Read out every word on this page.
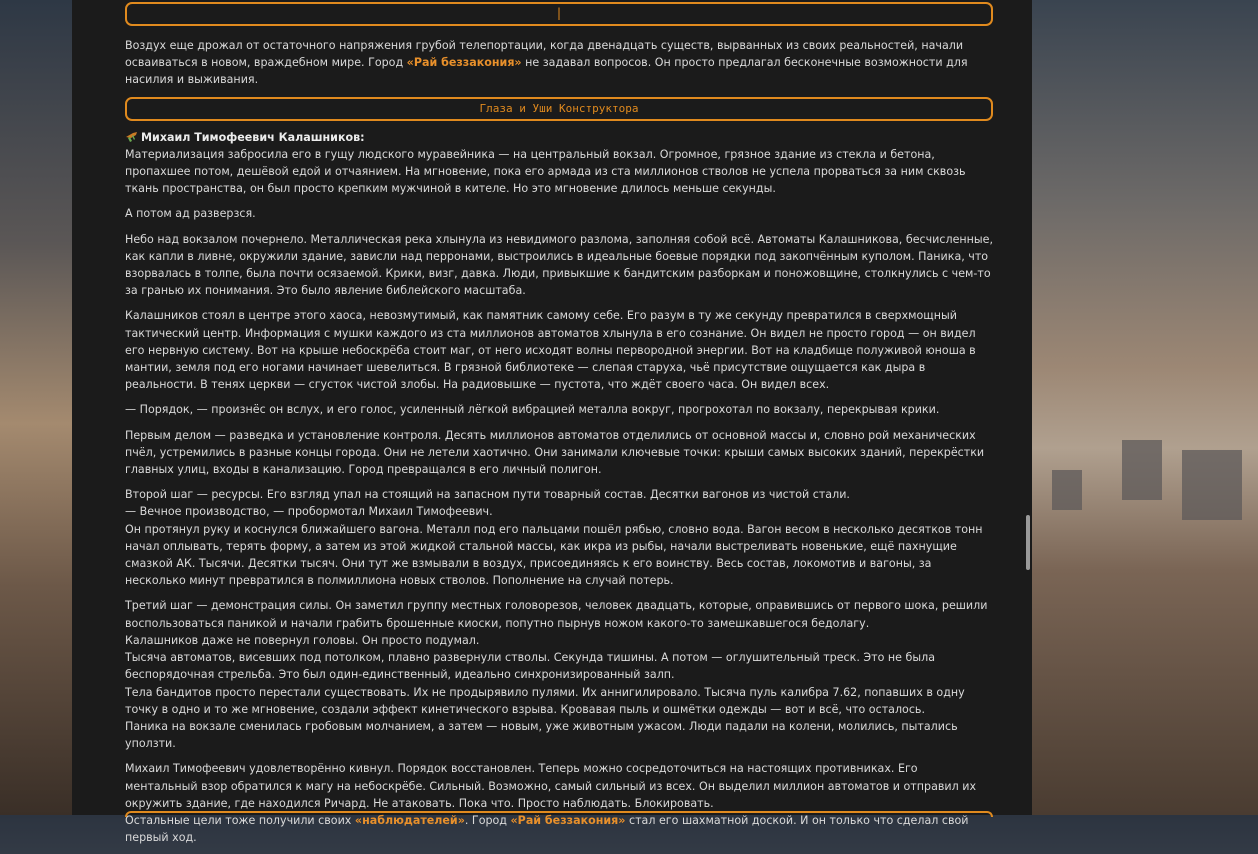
|

Воздух еще дрожал от остаточного напряжения грубой телепортации, когда двенадцать существ, вырванных из своих реальностей, начали осваиваться в новом, враждебном мире. Город «Рай беззакония» не задавал вопросов. Он просто предлагал бесконечные возможности для насилия и выживания.

Глаза и Уши Конструктора
Михаил Тимофеевич Калашников:

Материализация забросила его в гущу людского муравейника — на центральный вокзал. Огромное, грязное здание из стекла и бетона, пропахшее потом, дешёвой едой и отчаянием. На мгновение, пока его армада из ста миллионов стволов не успела прорваться за ним сквозь ткань пространства, он был просто крепким мужчиной в кителе. Но это мгновение длилось меньше секунды.

А потом ад разверзся.

Небо над вокзалом почернело. Металлическая река хлынула из невидимого разлома, заполняя собой всё. Автоматы Калашникова, бесчисленные, как капли в ливне, окружили здание, зависли над перронами, выстроились в идеальные боевые порядки под закопчённым куполом. Паника, что взорвалась в толпе, была почти осязаемой. Крики, визг, давка. Люди, привыкшие к бандитским разборкам и поножовщине, столкнулись с чем-то за гранью их понимания. Это было явление библейского масштаба.

Калашников стоял в центре этого хаоса, невозмутимый, как памятник самому себе. Его разум в ту же секунду превратился в сверхмощный тактический центр. Информация с мушки каждого из ста миллионов автоматов хлынула в его сознание. Он видел не просто город — он видел его нервную систему. Вот на крыше небоскрёба стоит маг, от него исходят волны первородной энергии. Вот на кладбище полуживой юноша в мантии, земля под его ногами начинает шевелиться. В грязной библиотеке — слепая старуха, чьё присутствие ощущается как дыра в реальности. В тенях церкви — сгусток чистой злобы. На радиовышке — пустота, что ждёт своего часа. Он видел всех.

— Порядок, — произнёс он вслух, и его голос, усиленный лёгкой вибрацией металла вокруг, прогрохотал по вокзалу, перекрывая крики.

Первым делом — разведка и установление контроля. Десять миллионов автоматов отделились от основной массы и, словно рой механических пчёл, устремились в разные концы города. Они не летели хаотично. Они занимали ключевые точки: крыши самых высоких зданий, перекрёстки главных улиц, входы в канализацию. Город превращался в его личный полигон.

Второй шаг — ресурсы. Его взгляд упал на стоящий на запасном пути товарный состав. Десятки вагонов из чистой стали.
— Вечное производство, — пробормотал Михаил Тимофеевич.
Он протянул руку и коснулся ближайшего вагона. Металл под его пальцами пошёл рябью, словно вода. Вагон весом в несколько десятков тонн начал оплывать, терять форму, а затем из этой жидкой стальной массы, как икра из рыбы, начали выстреливать новенькие, ещё пахнущие смазкой АК. Тысячи. Десятки тысяч. Они тут же взмывали в воздух, присоединяясь к его воинству. Весь состав, локомотив и вагоны, за несколько минут превратился в полмиллиона новых стволов. Пополнение на случай потерь.

Третий шаг — демонстрация силы. Он заметил группу местных головорезов, человек двадцать, которые, оправившись от первого шока, решили воспользоваться паникой и начали грабить брошенные киоски, попутно пырнув ножом какого-то замешкавшегося бедолагу.
Калашников даже не повернул головы. Он просто подумал.
Тысяча автоматов, висевших под потолком, плавно развернули стволы. Секунда тишины. А потом — оглушительный треск. Это не была беспорядочная стрельба. Это был один-единственный, идеально синхронизированный залп.
Тела бандитов просто перестали существовать. Их не продырявило пулями. Их аннигилировало. Тысяча пуль калибра 7.62, попавших в одну точку в одно и то же мгновение, создали эффект кинетического взрыва. Кровавая пыль и ошмётки одежды — вот и всё, что осталось.
Паника на вокзале сменилась гробовым молчанием, а затем — новым, уже животным ужасом. Люди падали на колени, молились, пытались уползти.

Михаил Тимофеевич удовлетворённо кивнул. Порядок восстановлен. Теперь можно сосредоточиться на настоящих противниках. Его ментальный взор обратился к магу на небоскрёбе. Сильный. Возможно, самый сильный из всех. Он выделил миллион автоматов и отправил их окружить здание, где находился Ричард. Не атаковать. Пока что. Просто наблюдать. Блокировать.
Остальные цели тоже получили своих «наблюдателей». Город «Рай беззакония» стал его шахматной доской. И он только что сделал свой первый ход.
